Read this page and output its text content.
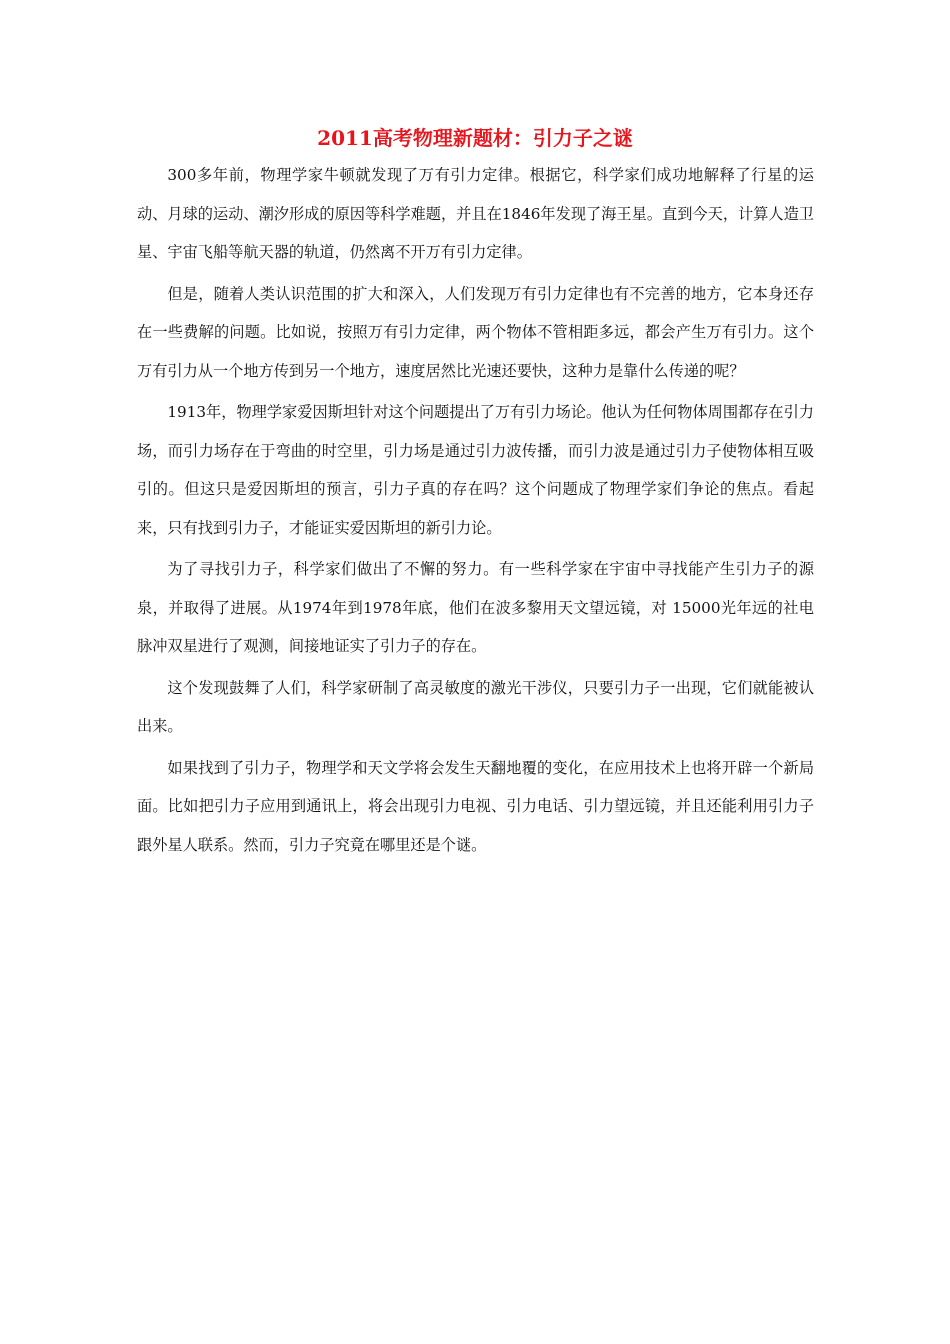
2011高考物理新题材：引力子之谜

300多年前，物理学家牛顿就发现了万有引力定律。根据它，科学家们成功地解释了行星的运动、月球的运动、潮汐形成的原因等科学难题，并且在1846年发现了海王星。直到今天，计算人造卫星、宇宙飞船等航天器的轨道，仍然离不开万有引力定律。

但是，随着人类认识范围的扩大和深入，人们发现万有引力定律也有不完善的地方，它本身还存在一些费解的问题。比如说，按照万有引力定律，两个物体不管相距多远，都会产生万有引力。这个万有引力从一个地方传到另一个地方，速度居然比光速还要快，这种力是靠什么传递的呢？

1913年，物理学家爱因斯坦针对这个问题提出了万有引力场论。他认为任何物体周围都存在引力场，而引力场存在于弯曲的时空里，引力场是通过引力波传播，而引力波是通过引力子使物体相互吸引的。但这只是爱因斯坦的预言，引力子真的存在吗？这个问题成了物理学家们争论的焦点。看起来，只有找到引力子，才能证实爱因斯坦的新引力论。

为了寻找引力子，科学家们做出了不懈的努力。有一些科学家在宇宙中寻找能产生引力子的源泉，并取得了进展。从1974年到1978年底，他们在波多黎用天文望远镜，对 15000光年远的社电脉冲双星进行了观测，间接地证实了引力子的存在。

这个发现鼓舞了人们，科学家研制了高灵敏度的激光干涉仪，只要引力子一出现，它们就能被认出来。

如果找到了引力子，物理学和天文学将会发生天翻地覆的变化，在应用技术上也将开辟一个新局面。比如把引力子应用到通讯上，将会出现引力电视、引力电话、引力望远镜，并且还能利用引力子跟外星人联系。然而，引力子究竟在哪里还是个谜。
